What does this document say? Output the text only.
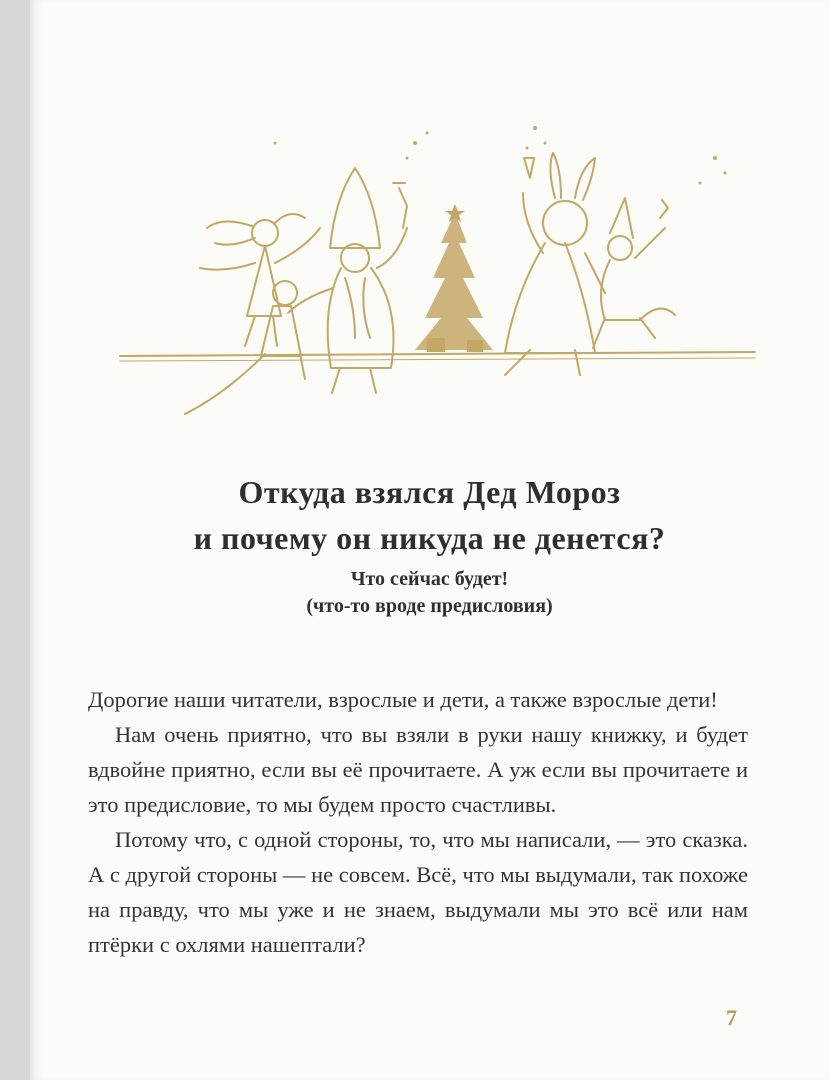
Откуда взялся Дед Мороз
и почему он никуда не денется?
Что сейчас будет!
(что-то вроде предисловия)

Дорогие наши читатели, взрослые и дети, а также взрослые дети!

Нам очень приятно, что вы взяли в руки нашу книжку, и будет вдвойне приятно, если вы её прочитаете. А уж если вы прочитаете и это предисловие, то мы будем просто счастливы.

Потому что, с одной стороны, то, что мы написали, — это сказка. А с другой стороны — не совсем. Всё, что мы выдумали, так похоже на правду, что мы уже и не знаем, выдумали мы это всё или нам птёрки с охлями нашептали?

7
